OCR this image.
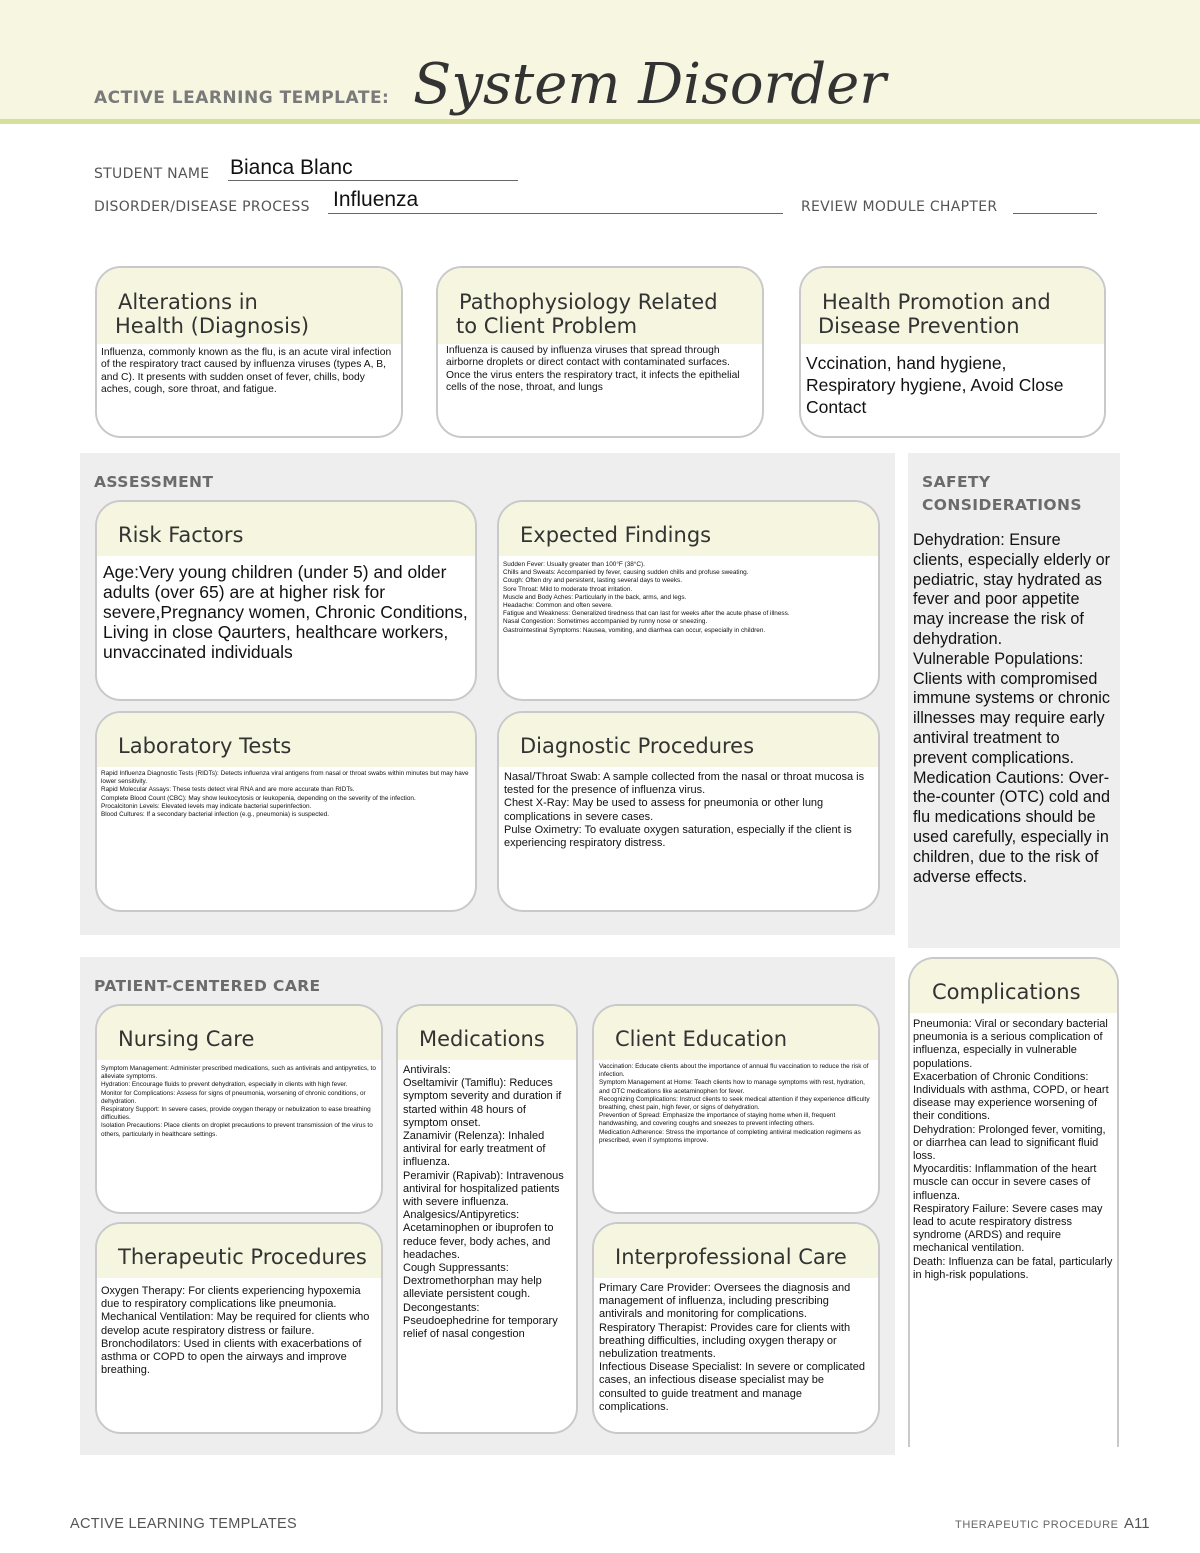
ACTIVE LEARNING TEMPLATE: System Disorder
STUDENT NAME Bianca Blanc
DISORDER/DISEASE PROCESS Influenza	REVIEW MODULE CHAPTER
Alterations in
Health (Diagnosis)
Influenza, commonly known as the flu, is an acute viral infection of the respiratory tract caused by influenza viruses (types A, B, and C). It presents with sudden onset of fever, chills, body aches, cough, sore throat, and fatigue.
Pathophysiology Related
to Client Problem
Influenza is caused by influenza viruses that spread through airborne droplets or direct contact with contaminated surfaces. Once the virus enters the respiratory tract, it infects the epithelial cells of the nose, throat, and lungs
Health Promotion and
Disease Prevention
Vccination, hand hygiene, Respiratory hygiene, Avoid Close Contact
ASSESSMENT
Risk Factors
Age:Very young children (under 5) and older adults (over 65) are at higher risk for severe,Pregnancy women, Chronic Conditions, Living in close Qaurters, healthcare workers, unvaccinated individuals
Expected Findings

Sudden Fever: Usually greater than 100°F (38°C).

Chills and Sweats: Accompanied by fever, causing sudden chills and profuse sweating.

Cough: Often dry and persistent, lasting several days to weeks.

Sore Throat: Mild to moderate throat irritation.

Muscle and Body Aches: Particularly in the back, arms, and legs.

Headache: Common and often severe.

Fatigue and Weakness: Generalized tiredness that can last for weeks after the acute phase of illness.

Nasal Congestion: Sometimes accompanied by runny nose or sneezing.

Gastrointestinal Symptoms: Nausea, vomiting, and diarrhea can occur, especially in children.

Laboratory Tests

Rapid Influenza Diagnostic Tests (RIDTs): Detects influenza viral antigens from nasal or throat swabs within minutes but may have lower sensitivity.

Rapid Molecular Assays: These tests detect viral RNA and are more accurate than RIDTs.

Complete Blood Count (CBC): May show leukocytosis or leukopenia, depending on the severity of the infection.

Procalcitonin Levels: Elevated levels may indicate bacterial superinfection.

Blood Cultures: If a secondary bacterial infection (e.g., pneumonia) is suspected.

Diagnostic Procedures

Nasal/Throat Swab: A sample collected from the nasal or throat mucosa is tested for the presence of influenza virus.

Chest X-Ray: May be used to assess for pneumonia or other lung complications in severe cases.

Pulse Oximetry: To evaluate oxygen saturation, especially if the client is experiencing respiratory distress.

SAFETY
CONSIDERATIONS

Dehydration: Ensure clients, especially elderly or pediatric, stay hydrated as fever and poor appetite may increase the risk of dehydration.

Vulnerable Populations: Clients with compromised immune systems or chronic illnesses may require early antiviral treatment to prevent complications.

Medication Cautions: Over-the-counter (OTC) cold and flu medications should be used carefully, especially in children, due to the risk of adverse effects.

PATIENT-CENTERED CARE
Nursing Care

Symptom Management: Administer prescribed medications, such as antivirals and antipyretics, to alleviate symptoms.

Hydration: Encourage fluids to prevent dehydration, especially in clients with high fever.

Monitor for Complications: Assess for signs of pneumonia, worsening of chronic conditions, or dehydration.

Respiratory Support: In severe cases, provide oxygen therapy or nebulization to ease breathing difficulties.

Isolation Precautions: Place clients on droplet precautions to prevent transmission of the virus to others, particularly in healthcare settings.

Medications

Antivirals:

Oseltamivir (Tamiflu): Reduces symptom severity and duration if started within 48 hours of symptom onset.

Zanamivir (Relenza): Inhaled antiviral for early treatment of influenza.

Peramivir (Rapivab): Intravenous antiviral for hospitalized patients with severe influenza.

Analgesics/Antipyretics:

Acetaminophen or ibuprofen to reduce fever, body aches, and headaches.

Cough Suppressants:

Dextromethorphan may help alleviate persistent cough.

Decongestants:

Pseudoephedrine for temporary relief of nasal congestion

Client Education

Vaccination: Educate clients about the importance of annual flu vaccination to reduce the risk of infection.

Symptom Management at Home: Teach clients how to manage symptoms with rest, hydration, and OTC medications like acetaminophen for fever.

Recognizing Complications: Instruct clients to seek medical attention if they experience difficulty breathing, chest pain, high fever, or signs of dehydration.

Prevention of Spread: Emphasize the importance of staying home when ill, frequent handwashing, and covering coughs and sneezes to prevent infecting others.

Medication Adherence: Stress the importance of completing antiviral medication regimens as prescribed, even if symptoms improve.

Therapeutic Procedures

Oxygen Therapy: For clients experiencing hypoxemia due to respiratory complications like pneumonia.

Mechanical Ventilation: May be required for clients who develop acute respiratory distress or failure.

Bronchodilators: Used in clients with exacerbations of asthma or COPD to open the airways and improve breathing.

Interprofessional Care

Primary Care Provider: Oversees the diagnosis and management of influenza, including prescribing antivirals and monitoring for complications.

Respiratory Therapist: Provides care for clients with breathing difficulties, including oxygen therapy or nebulization treatments.

Infectious Disease Specialist: In severe or complicated cases, an infectious disease specialist may be consulted to guide treatment and manage complications.

Complications

Pneumonia: Viral or secondary bacterial pneumonia is a serious complication of influenza, especially in vulnerable populations.

Exacerbation of Chronic Conditions: Individuals with asthma, COPD, or heart disease may experience worsening of their conditions.

Dehydration: Prolonged fever, vomiting, or diarrhea can lead to significant fluid loss.

Myocarditis: Inflammation of the heart muscle can occur in severe cases of influenza.

Respiratory Failure: Severe cases may lead to acute respiratory distress syndrome (ARDS) and require mechanical ventilation.

Death: Influenza can be fatal, particularly in high-risk populations.

ACTIVE LEARNING TEMPLATES	THERAPEUTIC PROCEDURE A11
